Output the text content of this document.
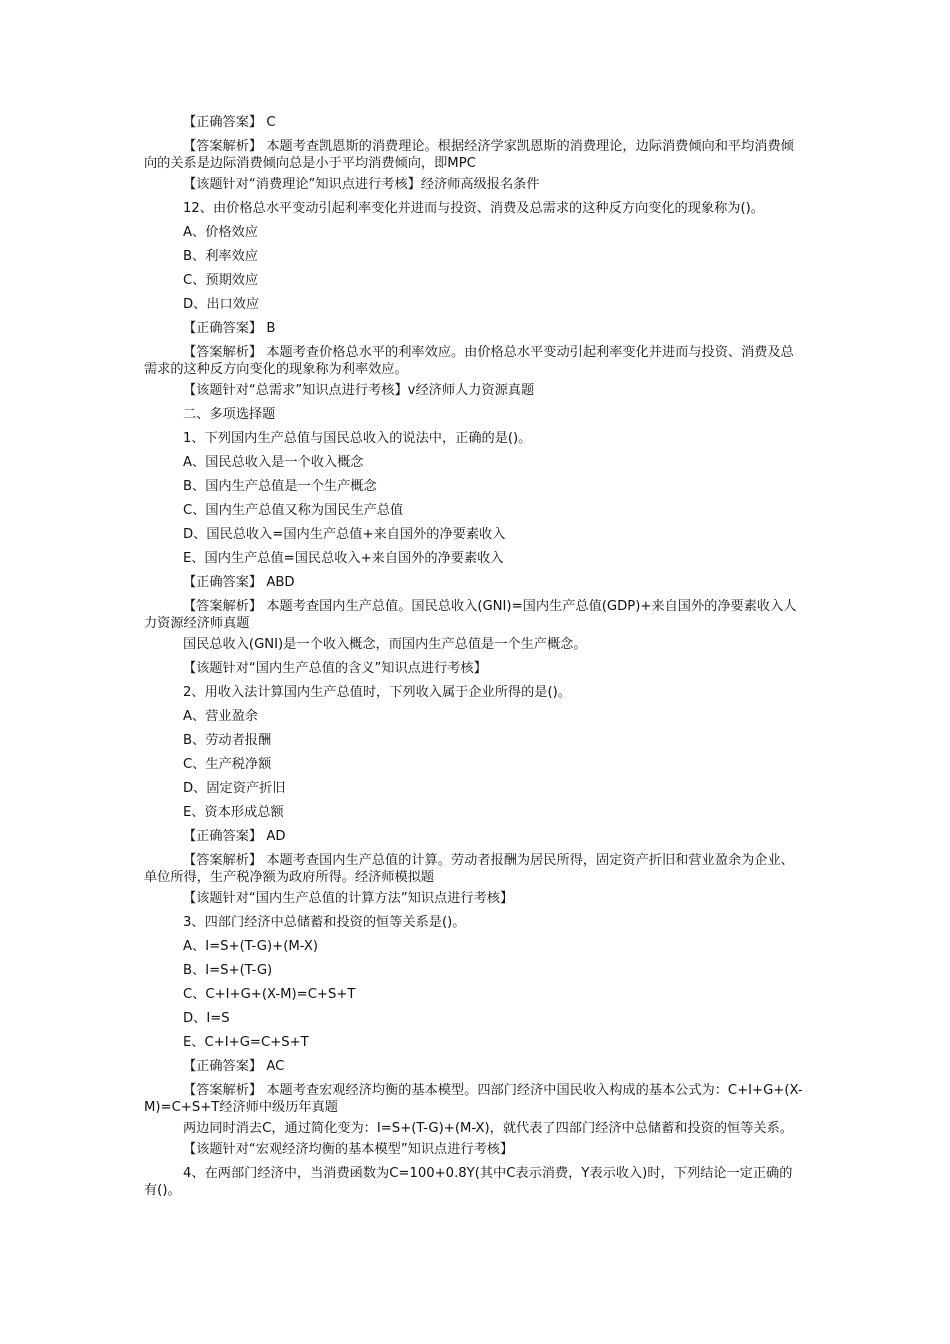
【正确答案】 C

【答案解析】 本题考查凯恩斯的消费理论。根据经济学家凯恩斯的消费理论，边际消费倾向和平均消费倾向的关系是边际消费倾向总是小于平均消费倾向，即MPC

【该题针对“消费理论”知识点进行考核】经济师高级报名条件
12、由价格总水平变动引起利率变化并进而与投资、消费及总需求的这种反方向变化的现象称为()。
A、价格效应
B、利率效应
C、预期效应
D、出口效应
【正确答案】 B

【答案解析】 本题考查价格总水平的利率效应。由价格总水平变动引起利率变化并进而与投资、消费及总需求的这种反方向变化的现象称为利率效应。

【该题针对“总需求”知识点进行考核】v经济师人力资源真题
二、多项选择题
1、下列国内生产总值与国民总收入的说法中，正确的是()。
A、国民总收入是一个收入概念
B、国内生产总值是一个生产概念
C、国内生产总值又称为国民生产总值
D、国民总收入=国内生产总值+来自国外的净要素收入
E、国内生产总值=国民总收入+来自国外的净要素收入
【正确答案】 ABD

【答案解析】 本题考查国内生产总值。国民总收入(GNI)=国内生产总值(GDP)+来自国外的净要素收入人力资源经济师真题

国民总收入(GNI)是一个收入概念，而国内生产总值是一个生产概念。
【该题针对“国内生产总值的含义”知识点进行考核】
2、用收入法计算国内生产总值时，下列收入属于企业所得的是()。
A、营业盈余
B、劳动者报酬
C、生产税净额
D、固定资产折旧
E、资本形成总额
【正确答案】 AD

【答案解析】 本题考查国内生产总值的计算。劳动者报酬为居民所得，固定资产折旧和营业盈余为企业、单位所得，生产税净额为政府所得。经济师模拟题

【该题针对“国内生产总值的计算方法”知识点进行考核】
3、四部门经济中总储蓄和投资的恒等关系是()。
A、I=S+(T-G)+(M-X)
B、I=S+(T-G)
C、C+I+G+(X-M)=C+S+T
D、I=S
E、C+I+G=C+S+T
【正确答案】 AC

【答案解析】 本题考查宏观经济均衡的基本模型。四部门经济中国民收入构成的基本公式为：C+I+G+(X-M)=C+S+T经济师中级历年真题

两边同时消去C，通过简化变为：I=S+(T-G)+(M-X)，就代表了四部门经济中总储蓄和投资的恒等关系。

【该题针对“宏观经济均衡的基本模型”知识点进行考核】

4、在两部门经济中，当消费函数为C=100+0.8Y(其中C表示消费，Y表示收入)时，下列结论一定正确的有()。
